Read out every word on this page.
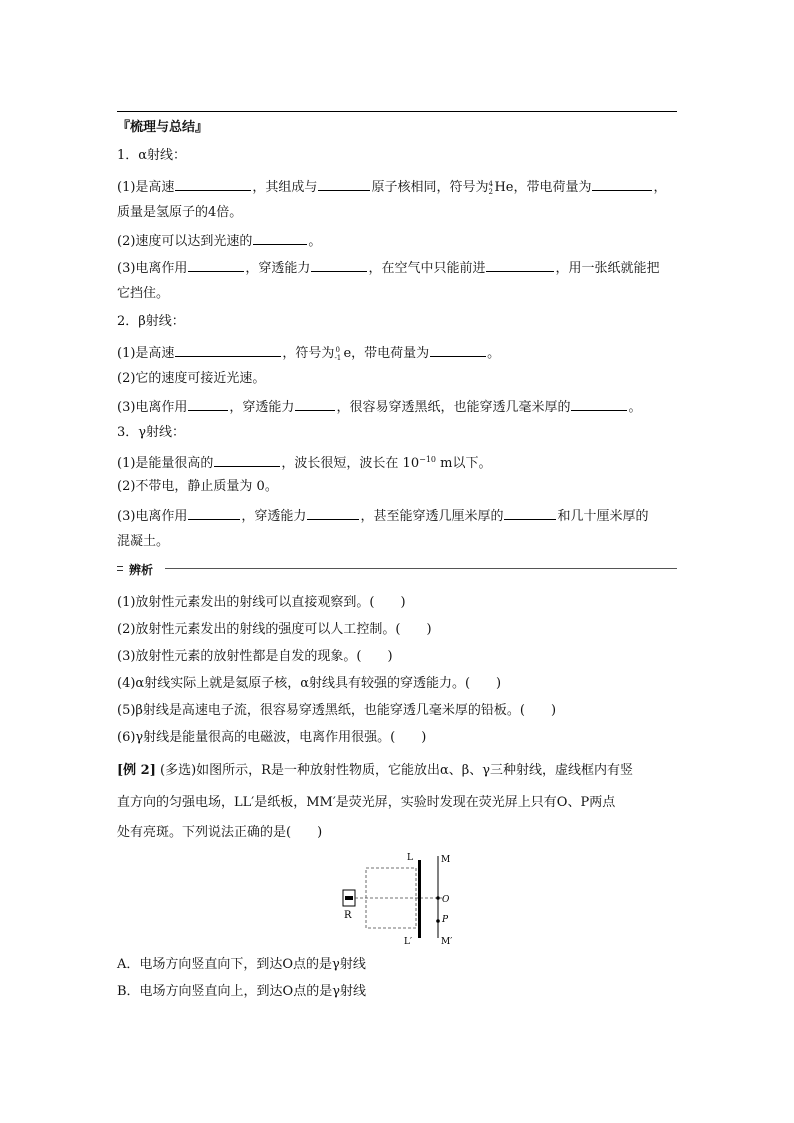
『梳理与总结』
1．α射线：
(1)是高速	，其组成与	原子核相同，符号为 4
2 He，带电荷量为	，
质量是氢原子的4倍。
(2)速度可以达到光速的	。
(3)电离作用	，穿透能力	，在空气中只能前进	，用一张纸就能把
它挡住。
2．β射线：
(1)是高速	，符号为 0
-1 e，带电荷量为	。
(2)它的速度可接近光速。
(3)电离作用	，穿透能力	，很容易穿透黑纸，也能穿透几毫米厚的	。
3．γ射线：
(1)是能量很高的	，波长很短，波长在 $10^{-10}$ m以下。
(2)不带电，静止质量为 0。
(3)电离作用	，穿透能力	，甚至能穿透几厘米厚的	和几十厘米厚的
混凝土。
辨析
(1)放射性元素发出的射线可以直接观察到。(　　)
(2)放射性元素发出的射线的强度可以人工控制。(　　)
(3)放射性元素的放射性都是自发的现象。(　　)
(4)α射线实际上就是氦原子核，α射线具有较强的穿透能力。(　　)
(5)β射线是高速电子流，很容易穿透黑纸，也能穿透几毫米厚的铅板。(　　)
(6)γ射线是能量很高的电磁波，电离作用很强。(　　)
[例 2] (多选)如图所示，R是一种放射性物质，它能放出α、β、γ三种射线，虚线框内有竖
直方向的匀强电场，LL′是纸板，MM′是荧光屏，实验时发现在荧光屏上只有O、P两点
处有亮斑。下列说法正确的是(　　)
R
L
L′
M
M′
O
P
A．电场方向竖直向下，到达O点的是γ射线
B．电场方向竖直向上，到达O点的是γ射线
